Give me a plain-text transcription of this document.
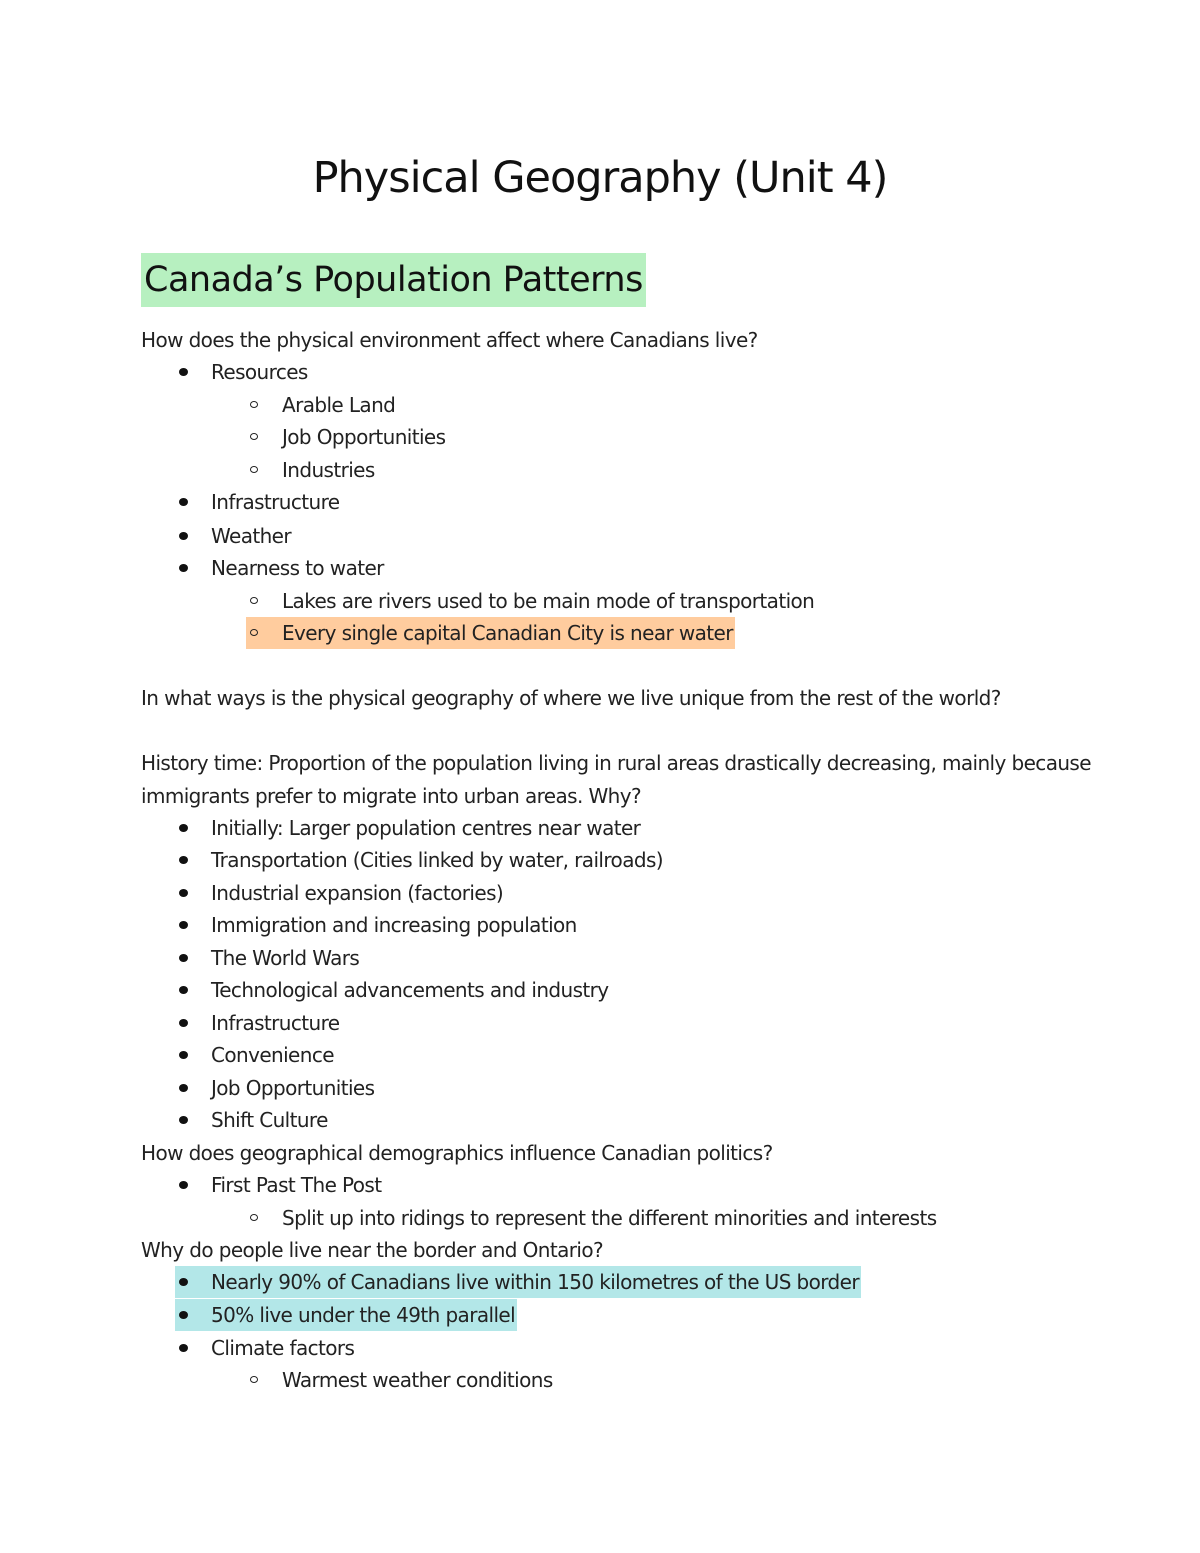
Physical Geography (Unit 4)
Canada’s Population Patterns
How does the physical environment affect where Canadians live?
Resources
Arable Land
Job Opportunities
Industries
Infrastructure
Weather
Nearness to water
Lakes are rivers used to be main mode of transportation
Every single capital Canadian City is near water
In what ways is the physical geography of where we live unique from the rest of the world?
History time: Proportion of the population living in rural areas drastically decreasing, mainly because
immigrants prefer to migrate into urban areas. Why?
Initially: Larger population centres near water
Transportation (Cities linked by water, railroads)
Industrial expansion (factories)
Immigration and increasing population
The World Wars
Technological advancements and industry
Infrastructure
Convenience
Job Opportunities
Shift Culture
How does geographical demographics influence Canadian politics?
First Past The Post
Split up into ridings to represent the different minorities and interests
Why do people live near the border and Ontario?
Nearly 90% of Canadians live within 150 kilometres of the US border
50% live under the 49th parallel
Climate factors
Warmest weather conditions
